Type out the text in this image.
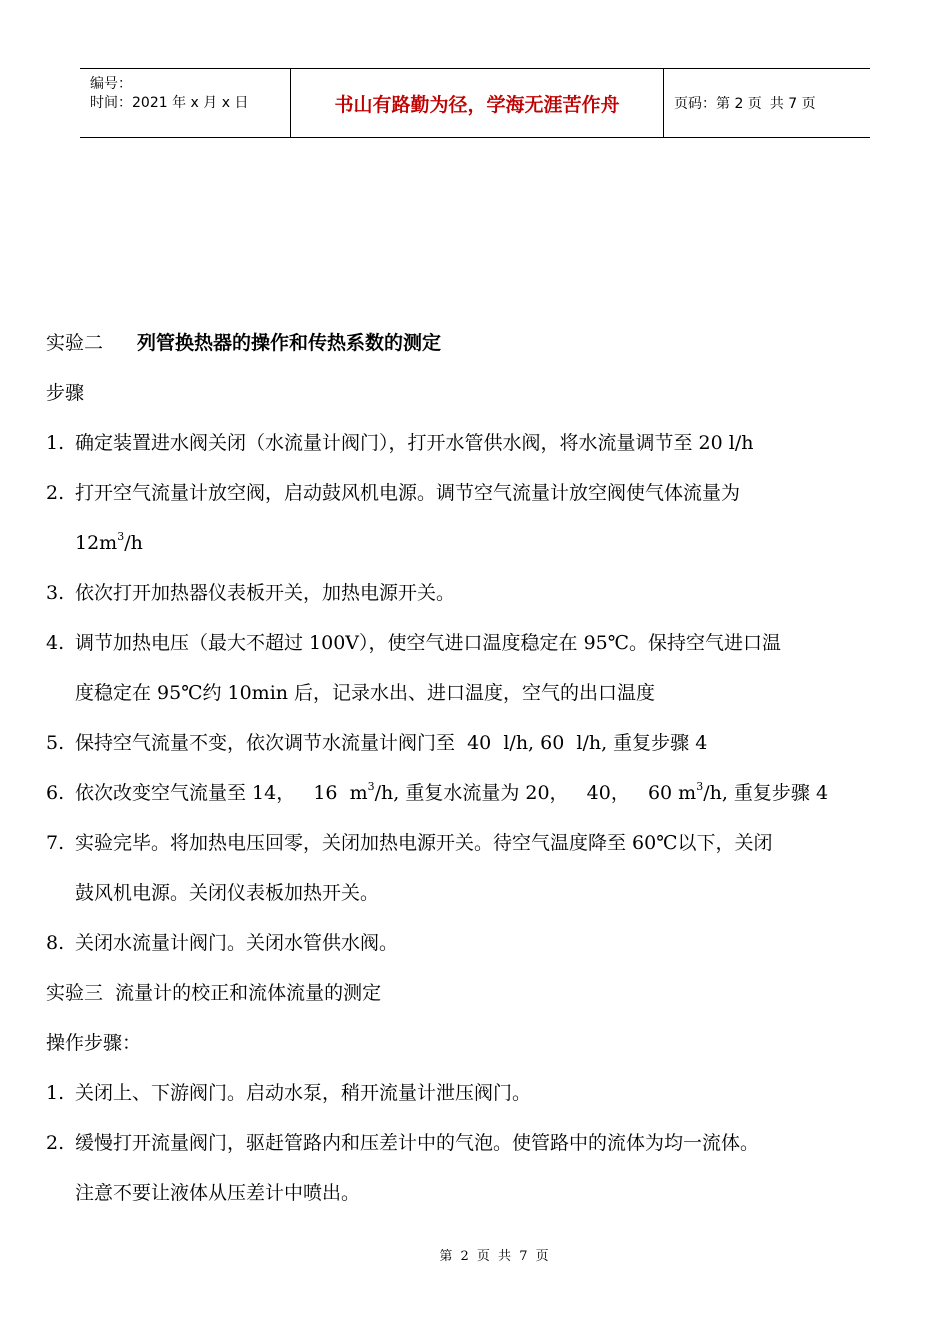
编号：
时间：2021 年 x 月 x 日	书山有路勤为径，学海无涯苦作舟	页码：第 2 页 共 7 页
实验二 列管换热器的操作和传热系数的测定
步骤
1. 确定装置进水阀关闭（水流量计阀门），打开水管供水阀，将水流量调节至 20 l/h
2. 打开空气流量计放空阀，启动鼓风机电源。调节空气流量计放空阀使气体流量为
$12m^3/h$
3. 依次打开加热器仪表板开关，加热电源开关。
4. 调节加热电压（最大不超过 100V），使空气进口温度稳定在 95℃。保持空气进口温
度稳定在 95℃约 10min 后，记录水出、进口温度，空气的出口温度
5. 保持空气流量不变，依次调节水流量计阀门至  40  l/h, 60  l/h, 重复步骤 4
6. 依次改变空气流量至 14，   16  $m^3/h$, 重复水流量为 20，   40，   60 $m^3/h$, 重复步骤 4
7. 实验完毕。将加热电压回零，关闭加热电源开关。待空气温度降至 60℃以下，关闭
鼓风机电源。关闭仪表板加热开关。
8. 关闭水流量计阀门。关闭水管供水阀。
实验三  流量计的校正和流体流量的测定
操作步骤：
1. 关闭上、下游阀门。启动水泵，稍开流量计泄压阀门。
2. 缓慢打开流量阀门，驱赶管路内和压差计中的气泡。使管路中的流体为均一流体。
注意不要让液体从压差计中喷出。
第 2 页 共 7 页
